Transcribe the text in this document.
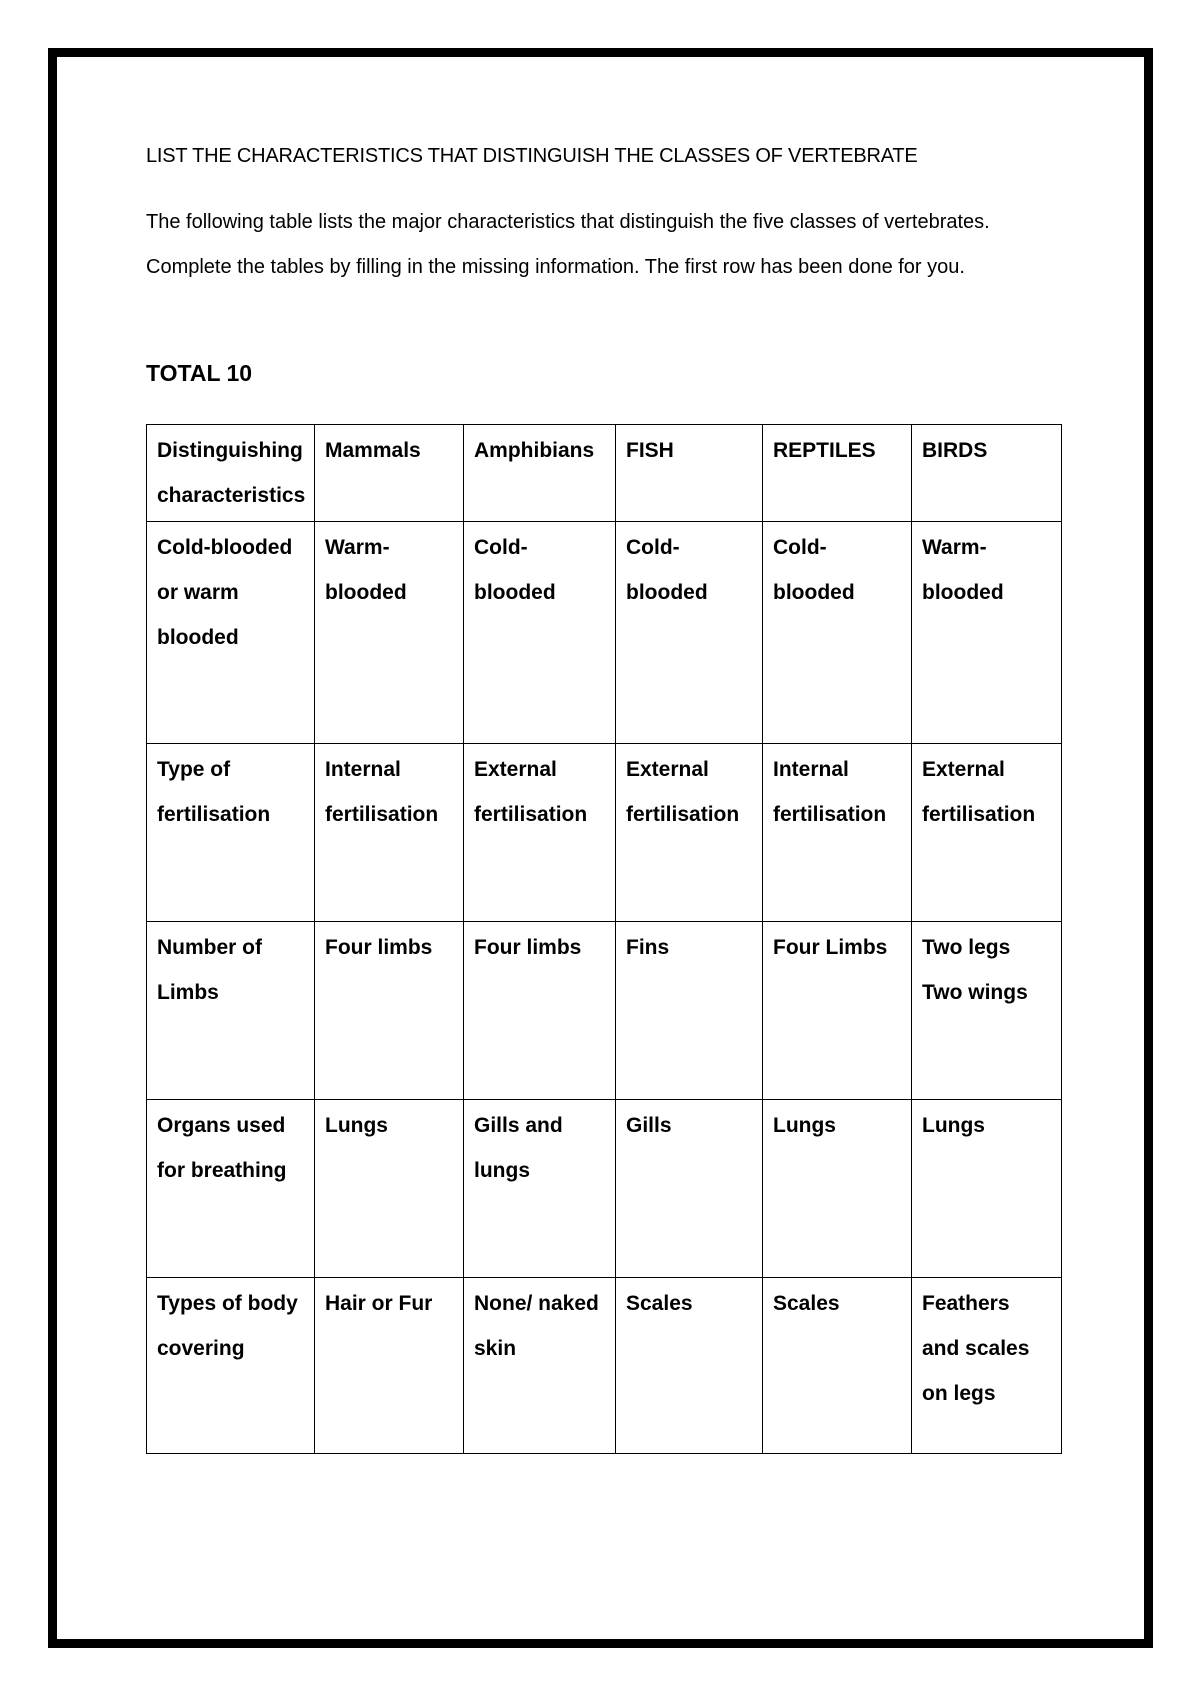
LIST THE CHARACTERISTICS THAT DISTINGUISH THE CLASSES OF VERTEBRATE
The following table lists the major characteristics that distinguish the five classes of vertebrates. Complete the tables by filling in the missing information. The first row has been done for you.
TOTAL 10
Distinguishing characteristics	Mammals	Amphibians	FISH	REPTILES	BIRDS
Cold-blooded or warm blooded	Warm-blooded	Cold-blooded	Cold-blooded	Cold-blooded	Warm-blooded
Type of fertilisation	Internal fertilisation	External fertilisation	External fertilisation	Internal fertilisation	External fertilisation
Number of Limbs	Four limbs	Four limbs	Fins	Four Limbs	Two legs Two wings
Organs used for breathing	Lungs	Gills and lungs	Gills	Lungs	Lungs
Types of body covering	Hair or Fur	None/ naked skin	Scales	Scales	Feathers and scales on legs
